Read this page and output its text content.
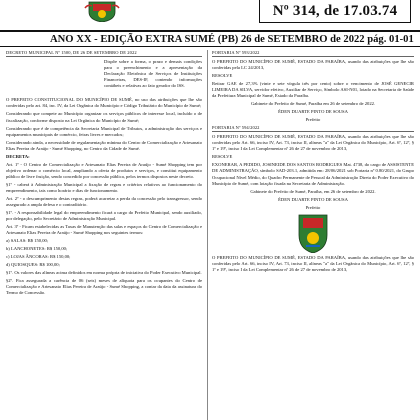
Nº 314, de 17.03.74
ANO XX - EDIÇÃO EXTRA SUMÉ (PB) 26 de SETEMBRO de 2022 pág. 01-01

DECRETO MUNICIPAL Nº 1500, DE 26 DE SETEMBRO DE 2022

Dispõe sobre a forma, o prazo e demais condições para o preenchimento e a apresentação da Declaração Eletrônica de Serviços de Instituições Financeiras, DES-IF, contendo informações contábeis e relativas ao fato gerador do ISS.

O PREFEITO CONSTITUCIONAL DO MUNICÍPIO DE SUMÉ, no uso das atribuições que lhe são conferidas pelo art. 84, inc. IV, da Lei Orgânica do Município e Código Tributário do Município de Sumé;

Considerando que compete ao Município organizar os serviços públicos de interesse local, incluído o de fiscalização, conforme disposto na Lei Orgânica do Município de Sumé;

Considerando que é de competência da Secretaria Municipal de Tributos, a administração dos serviços e equipamentos municipais de comércio, feiras livres e mercados;

Considerando ainda, a necessidade de regulamentação mínima do Centro de Comercialização e Artesanato Elias Pereira de Araújo - Sumé Shopping, no Centro da Cidade de Sumé.

DECRETA:

Art. 1º - O Centro de Comercialização e Artesanato Elias Pereira de Araújo - Sumé Shopping tem por objetivo ordenar o comércio local, ampliando a oferta de produtos e serviços, e constitui equipamento público de livre fruição, sendo concedido por concessão pública, pelos termos dispostos neste decreto.

§1º - caberá à Administração Municipal a fixação de regras e critérios relativos ao funcionamento do empreendimento, tais como horário e dias de funcionamento.

Art. 2º - o descumprimento destas regras, poderá acarretar a perda da concessão pelo transgressor, sendo assegurado a ampla defesa e o contraditório.

§1º. - A responsabilidade legal do empreendimento ficará a cargo do Prefeito Municipal, sendo auxiliado, por delegação, pelo Secretário de Administração Municipal.

Art. 3º - Ficam estabelecidas as Taxas de Manutenção das salas e espaços do Centro de Comercialização e Artesanato Elias Pereira de Araújo - Sumé Shopping nos seguintes termos:

a) SALAS: R$ 150,00;

b) LANCHONETES: R$ 150,00;

c) LOJAS ÂNCORAS: R$ 150,00;

d) QUIOSQUES: R$ 100,00;

§1º. Os valores das alíneas acima definidos em norma própria de iniciativa do Poder Executivo Municipal.

§2º. Fica assegurada a carência de 06 (seis) meses de alíquota para os ocupantes do Centro de Comercialização e Artesanato Elias Pereira de Araújo - Sumé Shopping, a contar da data da assinatura do Termo de Concessão.

PORTARIA Nº 593/2022

O PREFEITO DO MUNICÍPIO DE SUMÉ, ESTADO DA PARAÍBA, usando das atribuições que lhe são conferidas pela LC 24/2013,

RESOLVE

Retirar GAE de 27,3% (vinte e sete vírgula três por cento) sobre o vencimento de JOSÉ GENECIR LIMEIRA DA SILVA, servidor efetivo, Auxiliar de Serviço, Símbolo ASI-N01, lotado na Secretaria de Saúde da Prefeitura Municipal de Sumé, Estado da Paraíba.

Gabinete do Prefeito de Sumé, Paraíba em 26 de setembro de 2022.

ÉDEN DUARTE PINTO DE SOUSA

Prefeito

PORTARIA Nº 594/2022

O PREFEITO DO MUNICÍPIO DE SUMÉ, ESTADO DA PARAÍBA, usando das atribuições que lhe são conferidas pelo Art. 66, inciso IV, Art. 73, inciso II, alíneas "a" da Lei Orgânica do Município, Art. 6º, 12º, § 1º e 19º, inciso I da Lei Complementar nº 26 de 27 de novembro de 2013,

RESOLVE

EXONERAR, A PEDIDO, JOSINEIDE DOS SANTOS RODRIGUES Mat. 4738, do cargo de ASSISTENTE DE ADMINISTRAÇÃO, símbolo SAD-203.1, admitida em: 28/06/2021 sob Portaria nº 0.80/2021, do Grupo Ocupacional Nível Médio, do Quadro Permanente de Pessoal da Administração Direta do Poder Executivo do Município de Sumé, com lotação fixada na Secretaria de Administração.

Gabinete do Prefeito de Sumé, Paraíba, em 26 de setembro de 2022.

ÉDEN DUARTE PINTO DE SOUSA

Prefeito

O PREFEITO DO MUNICÍPIO DE SUMÉ, ESTADO DA PARAÍBA, usando das atribuições que lhe são conferidas pelo Art. 66, inciso IV, Art. 73, inciso II, alíneas "a" da Lei Orgânica do Município, Art. 6º, 12º, § 1º e 19º, inciso I da Lei Complementar nº 26 de 27 de novembro de 2013,
